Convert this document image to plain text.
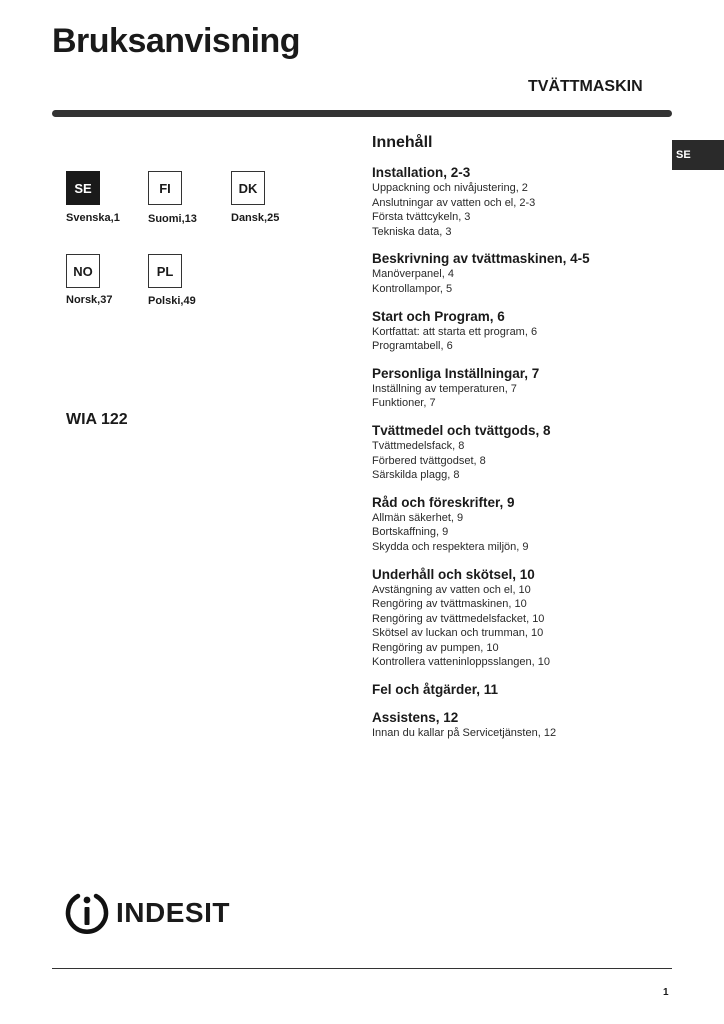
Bruksanvisning
TVÄTTMASKIN
SE
SE
Svenska,1
FI
Suomi,13
DK
Dansk,25
NO
Norsk,37
PL
Polski,49
WIA 122
Innehåll
Installation, 2-3
Uppackning och nivåjustering, 2
Anslutningar av vatten och el, 2-3
Första tvättcykeln, 3
Tekniska data, 3
Beskrivning av tvättmaskinen, 4-5
Manöverpanel, 4
Kontrollampor, 5
Start och Program, 6
Kortfattat: att starta ett program, 6
Programtabell, 6
Personliga Inställningar, 7
Inställning av temperaturen, 7
Funktioner, 7
Tvättmedel och tvättgods, 8
Tvättmedelsfack, 8
Förbered tvättgodset, 8
Särskilda plagg, 8
Råd och föreskrifter, 9
Allmän säkerhet, 9
Bortskaffning, 9
Skydda och respektera miljön, 9
Underhåll och skötsel, 10
Avstängning av vatten och el, 10
Rengöring av tvättmaskinen, 10
Rengöring av tvättmedelsfacket, 10
Skötsel av luckan och trumman, 10
Rengöring av pumpen, 10
Kontrollera vatteninloppsslangen, 10
Fel och åtgärder, 11
Assistens, 12
Innan du kallar på Servicetjänsten, 12
INDESIT
1
